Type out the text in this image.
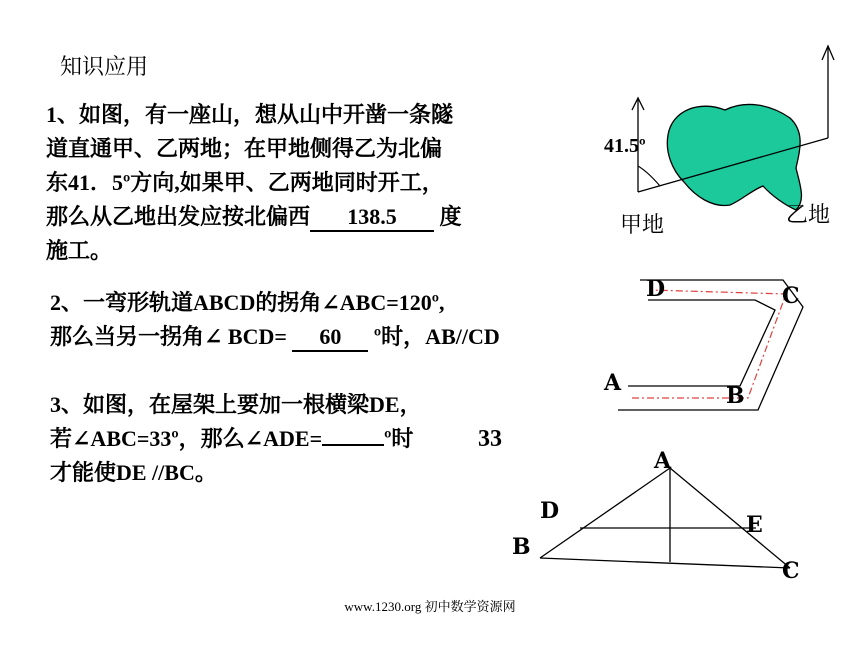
知识应用
1、如图，有一座山，想从山中开凿一条隧
道直通甲、乙两地；在甲地侧得乙为北偏
东41．5º方向,如果甲、乙两地同时开工，
那么从乙地出发应按北偏西 138.5 度
施工。
2、一弯形轨道ABCD的拐角∠ABC=120º,
那么当另一拐角∠ BCD= 60 º时，AB//CD
3、如图，在屋架上要加一根横梁DE，
若∠ABC=33º，那么∠ADE=	º时
才能使DE //BC。
33
41.5º
甲地	乙地
D	C
A	B
A
D
E
B
C
www.1230.org 初中数学资源网
